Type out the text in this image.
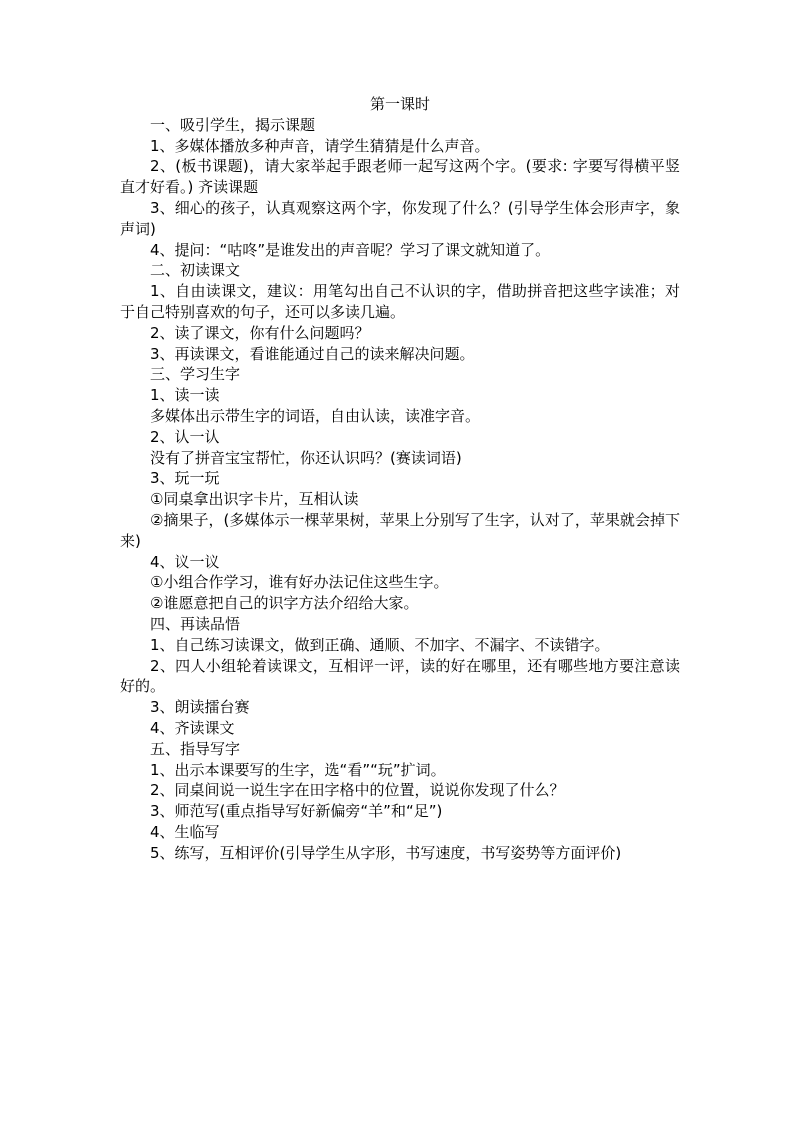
第一课时

一、吸引学生，揭示课题

1、多媒体播放多种声音，请学生猜猜是什么声音。

2、(板书课题)，请大家举起手跟老师一起写这两个字。(要求: 字要写得横平竖直才好看。) 齐读课题

3、细心的孩子，认真观察这两个字，你发现了什么？(引导学生体会形声字，象声词)

4、提问：“咕咚”是谁发出的声音呢？学习了课文就知道了。

二、初读课文

1、自由读课文，建议：用笔勾出自己不认识的字，借助拼音把这些字读准；对于自己特别喜欢的句子，还可以多读几遍。

2、读了课文，你有什么问题吗？

3、再读课文，看谁能通过自己的读来解决问题。

三、学习生字

1、读一读

多媒体出示带生字的词语，自由认读，读准字音。

2、认一认

没有了拼音宝宝帮忙，你还认识吗？(赛读词语)

3、玩一玩

①同桌拿出识字卡片，互相认读

②摘果子，(多媒体示一棵苹果树，苹果上分别写了生字，认对了，苹果就会掉下来)

4、议一议

①小组合作学习，谁有好办法记住这些生字。

②谁愿意把自己的识字方法介绍给大家。

四、再读品悟

1、自己练习读课文，做到正确、通顺、不加字、不漏字、不读错字。

2、四人小组轮着读课文，互相评一评，读的好在哪里，还有哪些地方要注意读好的。

3、朗读擂台赛

4、齐读课文

五、指导写字

1、出示本课要写的生字，选“看”“玩”扩词。

2、同桌间说一说生字在田字格中的位置，说说你发现了什么？

3、师范写(重点指导写好新偏旁“羊”和“足”)

4、生临写

5、练写，互相评价(引导学生从字形，书写速度，书写姿势等方面评价)
